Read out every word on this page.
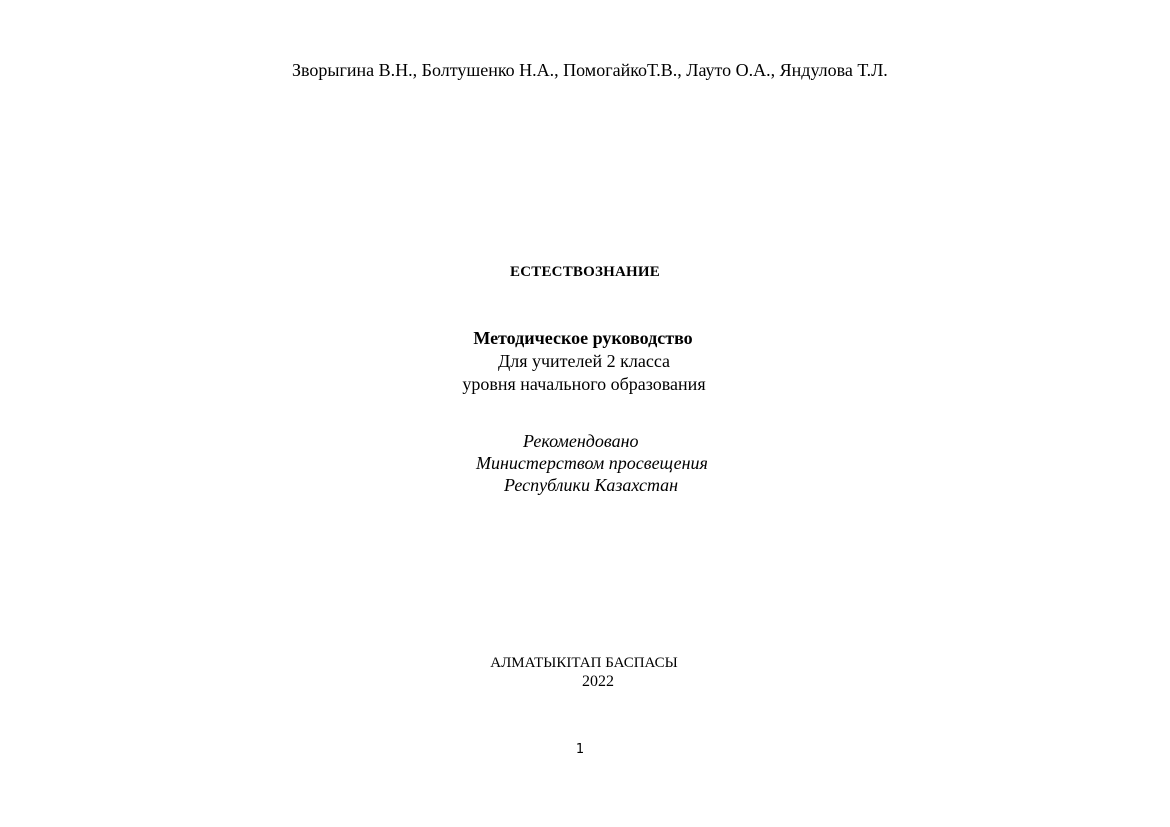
Зворыгина В.Н., Болтушенко Н.А., ПомогайкоТ.В., Лауто О.А., Яндулова Т.Л.
ЕСТЕСТВОЗНАНИЕ
Методическое руководство
Для учителей 2 класса
уровня начального образования
Рекомендовано
Министерством просвещения
Республики Казахстан
АЛМАТЫКІТАП БАСПАСЫ
2022
1
